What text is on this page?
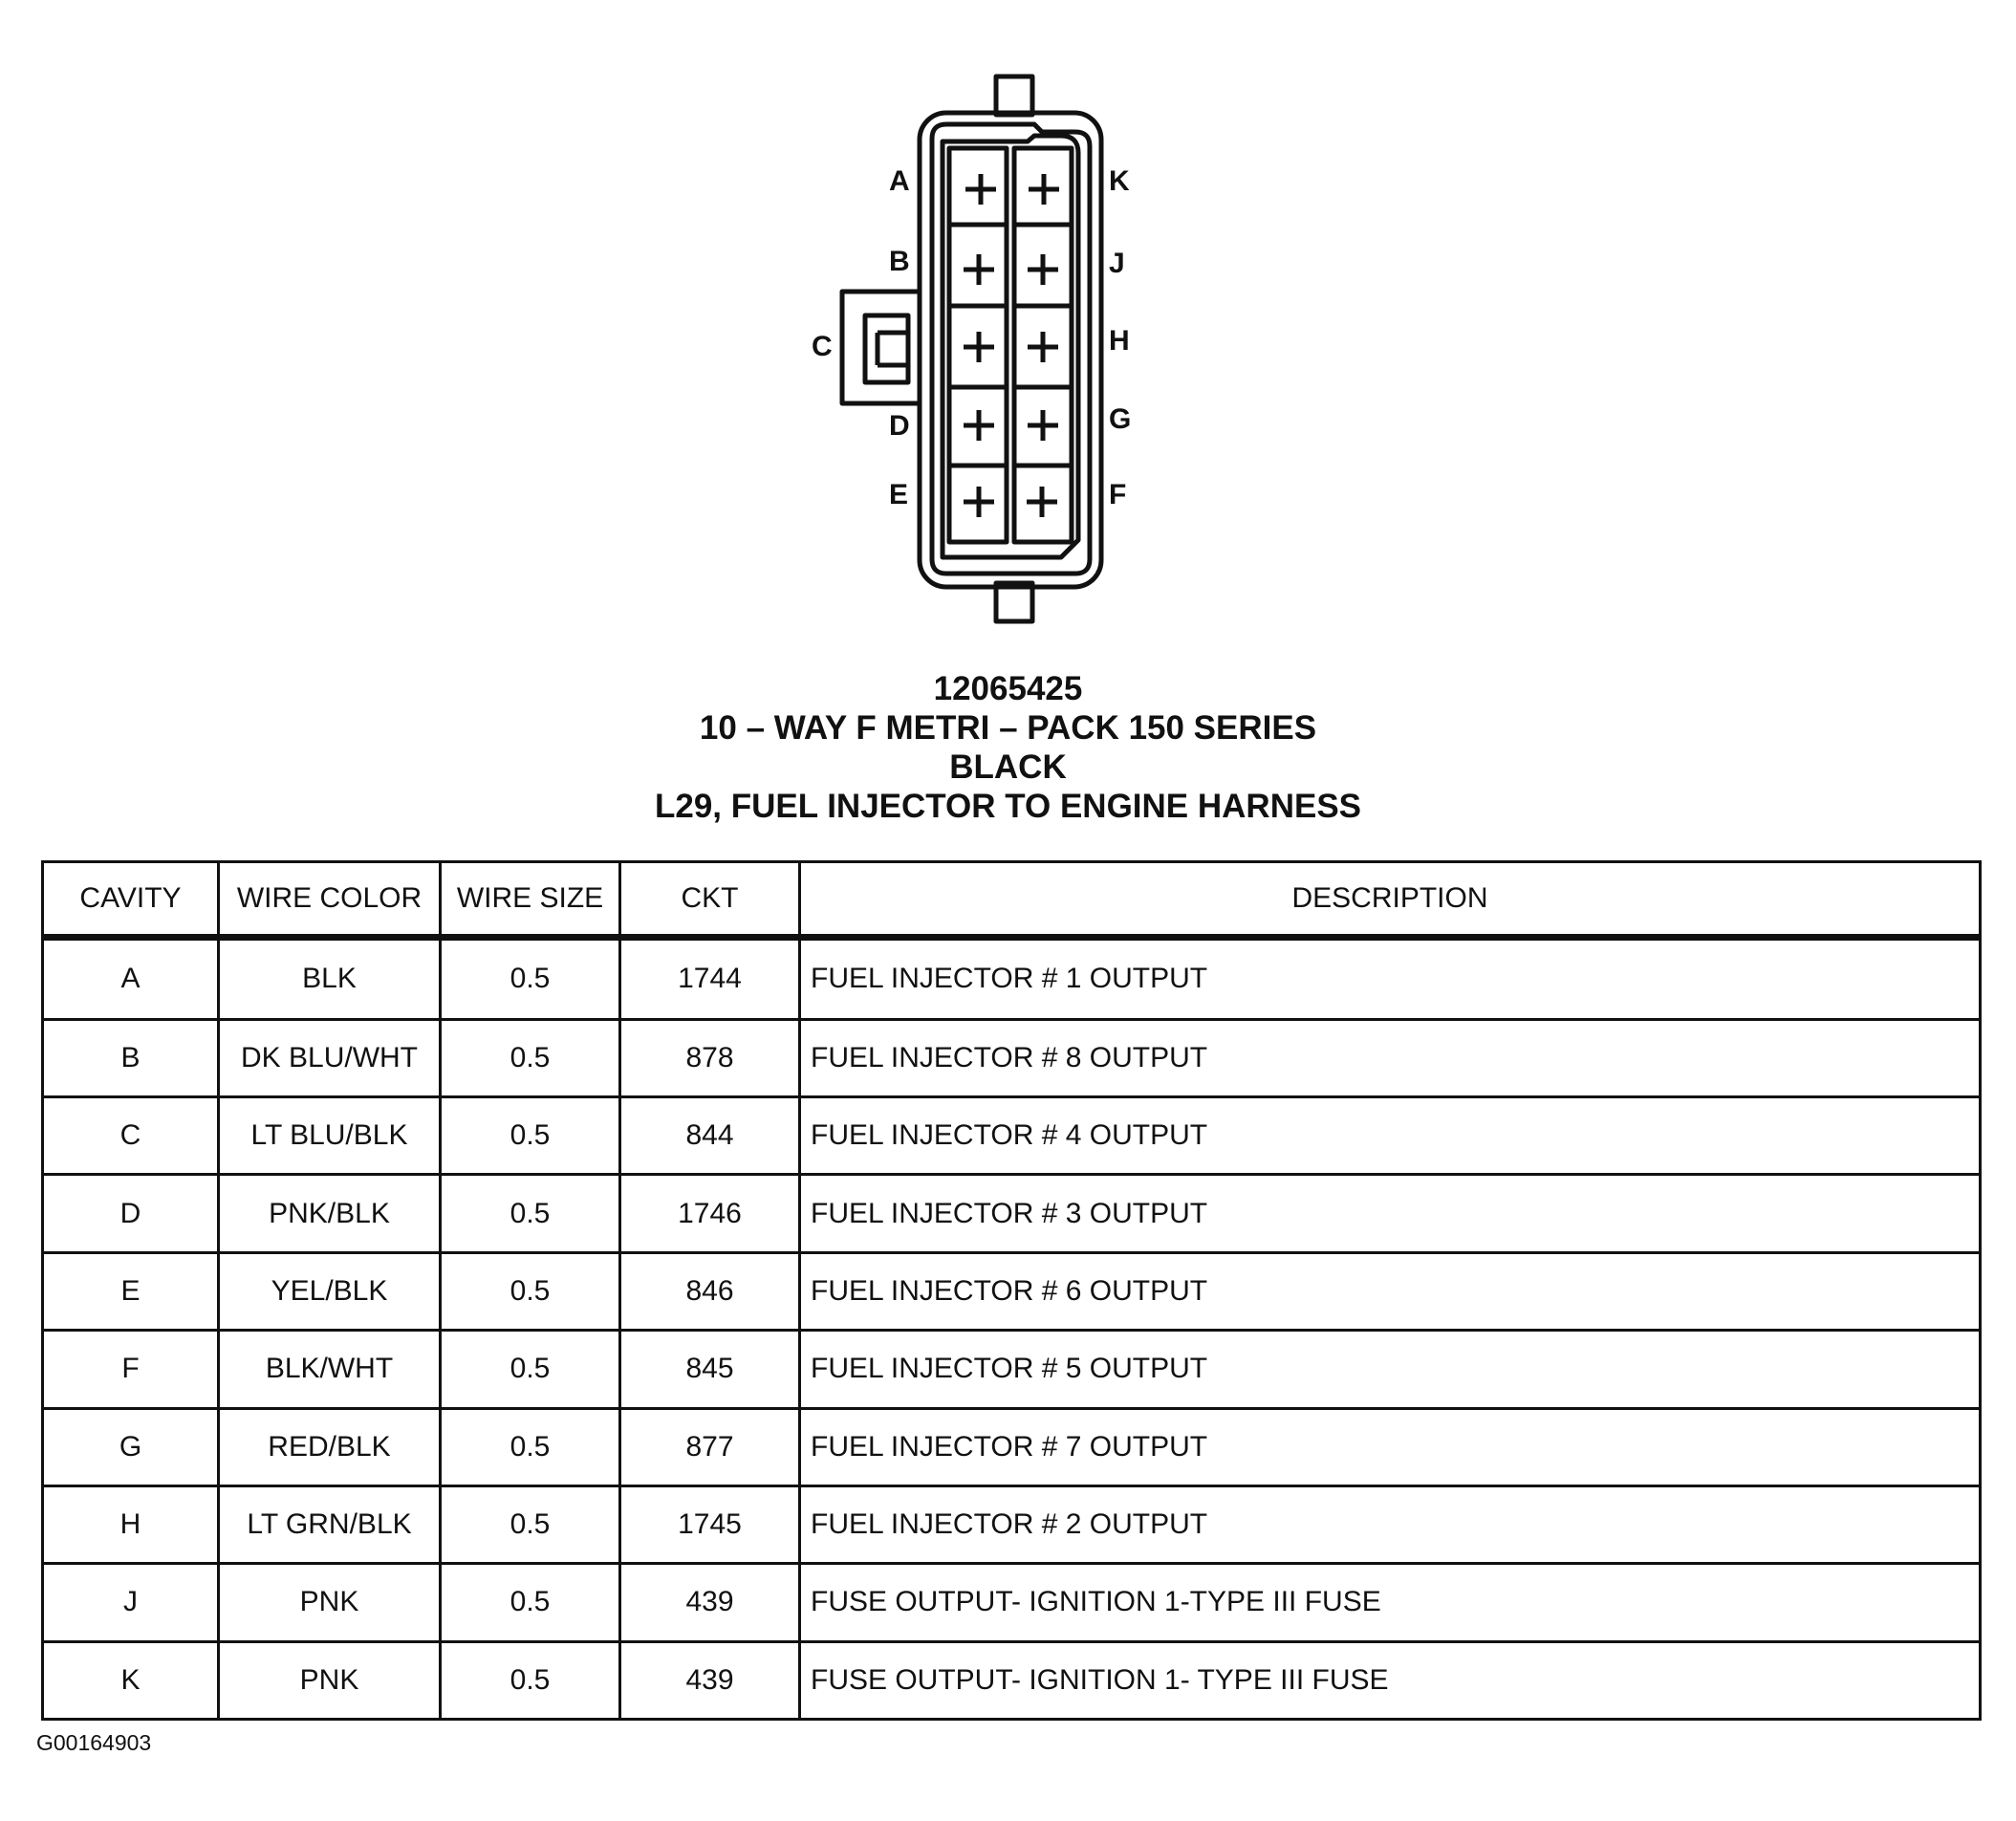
A
B
C
D
E
K
J
H
G
F
12065425
10 – WAY F METRI – PACK 150 SERIES
BLACK
L29, FUEL INJECTOR TO ENGINE HARNESS
CAVITY	WIRE COLOR	WIRE SIZE	CKT	DESCRIPTION
A	BLK	0.5	1744	FUEL INJECTOR # 1 OUTPUT
B	DK BLU/WHT	0.5	878	FUEL INJECTOR # 8 OUTPUT
C	LT BLU/BLK	0.5	844	FUEL INJECTOR # 4 OUTPUT
D	PNK/BLK	0.5	1746	FUEL INJECTOR # 3 OUTPUT
E	YEL/BLK	0.5	846	FUEL INJECTOR # 6 OUTPUT
F	BLK/WHT	0.5	845	FUEL INJECTOR # 5 OUTPUT
G	RED/BLK	0.5	877	FUEL INJECTOR # 7 OUTPUT
H	LT GRN/BLK	0.5	1745	FUEL INJECTOR # 2 OUTPUT
J	PNK	0.5	439	FUSE OUTPUT- IGNITION 1-TYPE III FUSE
K	PNK	0.5	439	FUSE OUTPUT- IGNITION 1- TYPE III FUSE
G00164903
